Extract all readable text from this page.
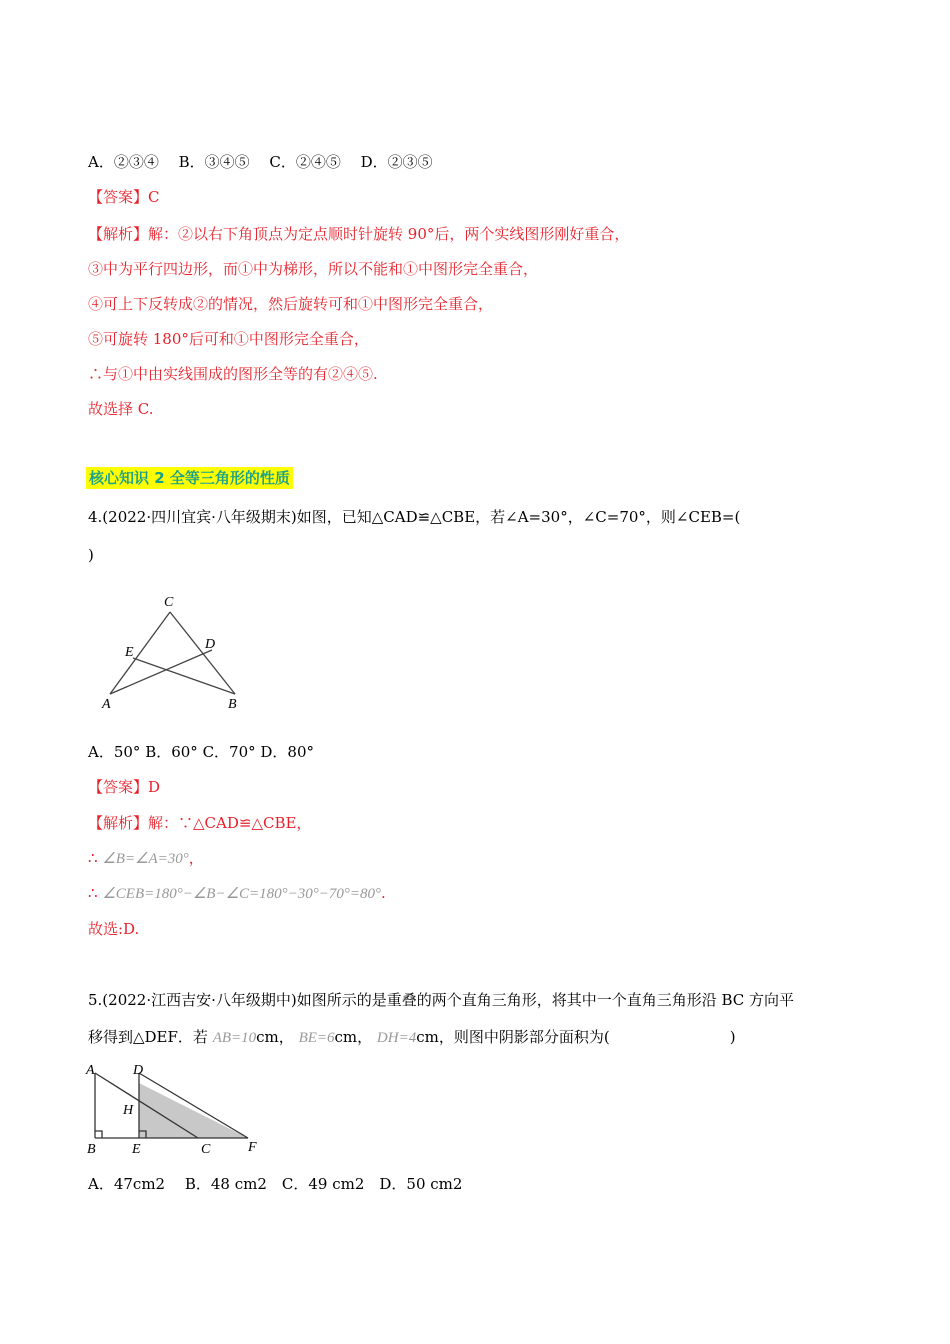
A．②③④　 B．③④⑤　 C．②④⑤　 D．②③⑤
【答案】C
【解析】解：②以右下角顶点为定点顺时针旋转 90°后，两个实线图形刚好重合，
③中为平行四边形，而①中为梯形，所以不能和①中图形完全重合，
④可上下反转成②的情况，然后旋转可和①中图形完全重合，
⑤可旋转 180°后可和①中图形完全重合，
∴与①中由实线围成的图形全等的有②④⑤.
故选择 C.
核心知识 2 全等三角形的性质
4.(2022·四川宜宾·八年级期末)如图，已知△CAD≌△CBE，若∠A=30°，∠C=70°，则∠CEB=(
)
C
E
D
A	B
A．50° B．60° C．70° D．80°
【答案】D
【解析】解：∵△CAD≌△CBE，
∴ ∠B=∠A=30°，
∴ ∠CEB=180°−∠B−∠C=180°−30°−70°=80°.
故选:D.
5.(2022·江西吉安·八年级期中)如图所示的是重叠的两个直角三角形，将其中一个直角三角形沿 BC 方向平
移得到△DEF．若 AB=10cm， BE=6cm， DH=4cm，则图中阴影部分面积为(	)
A	D
H
B	E	C	F
A．47cm2　 B．48 cm2　C．49 cm2　D．50 cm2
